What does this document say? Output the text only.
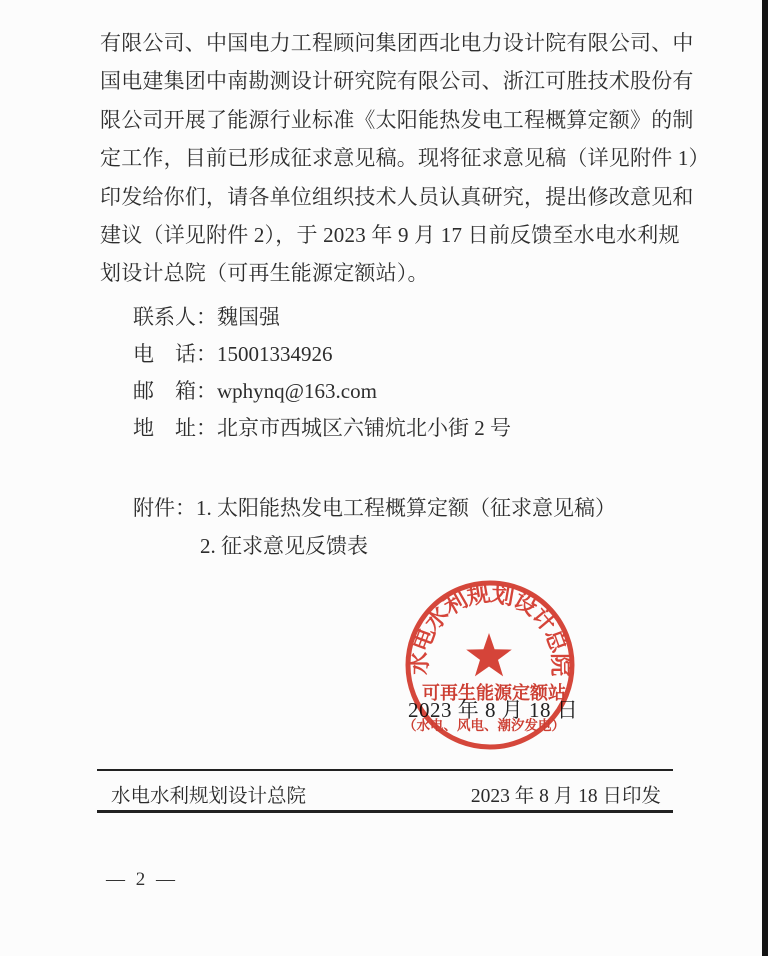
有限公司、中国电力工程顾问集团西北电力设计院有限公司、中
国电建集团中南勘测设计研究院有限公司、浙江可胜技术股份有
限公司开展了能源行业标准《太阳能热发电工程概算定额》的制
定工作，目前已形成征求意见稿。现将征求意见稿（详见附件 1）
印发给你们，请各单位组织技术人员认真研究，提出修改意见和
建议（详见附件 2），于 2023 年 9 月 17 日前反馈至水电水利规
划设计总院（可再生能源定额站）。
联系人：魏国强
电　话：15001334926
邮　箱：wphynq@163.com
地　址：北京市西城区六铺炕北小街 2 号
附件：1. 太阳能热发电工程概算定额（征求意见稿）
2. 征求意见反馈表
2023 年 8 月 18 日
水电水利规划设计总院
可再生能源定额站
（水电、风电、潮汐发电）
水电水利规划设计总院	2023 年 8 月 18 日印发
— 2 —
